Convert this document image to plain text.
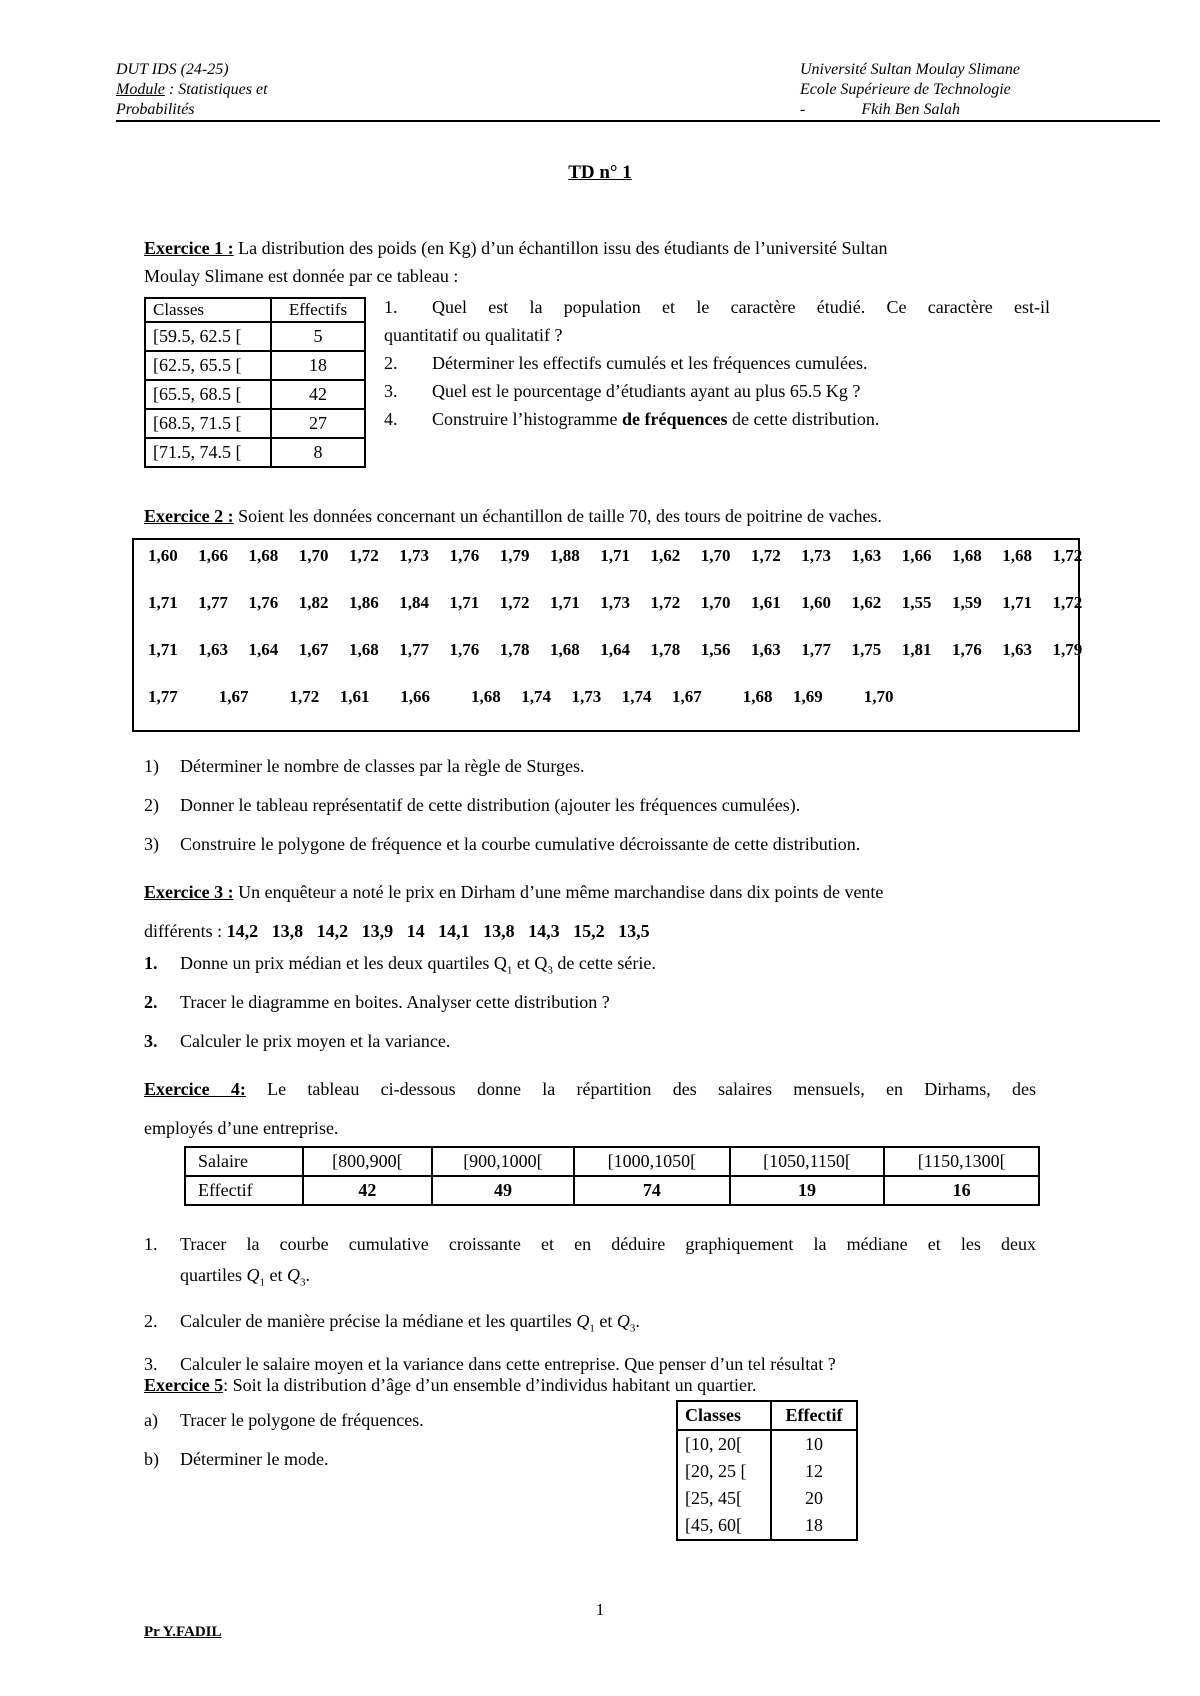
DUT IDS (24-25)
Module : Statistiques et
Probabilités
Université Sultan Moulay Slimane
Ecole Supérieure de Technologie
-              Fkih Ben Salah
TD n° 1
Exercice 1 : La distribution des poids (en Kg) d’un échantillon issu des étudiants de l’université Sultan
Moulay Slimane est donnée par ce tableau :
Classes	Effectifs
[59.5, 62.5 [	5
[62.5, 65.5 [	18
[65.5, 68.5 [	42
[68.5, 71.5 [	27
[71.5, 74.5 [	8
1.	Quel est la population et le caractère étudié. Ce caractère est-il
quantitatif ou qualitatif ?
2.	Déterminer les effectifs cumulés et les fréquences cumulées.
3.	Quel est le pourcentage d’étudiants ayant au plus 65.5 Kg ?
4.	Construire l’histogramme de fréquences de cette distribution.
Exercice 2 : Soient les données concernant un échantillon de taille 70, des tours de poitrine de vaches.
1,60  1,66  1,68  1,70  1,72  1,73  1,76  1,79  1,88  1,71  1,62  1,70  1,72  1,73  1,63  1,66  1,68  1,68  1,72
1,71  1,77  1,76  1,82  1,86  1,84  1,71  1,72  1,71  1,73  1,72  1,70  1,61  1,60  1,62  1,55  1,59  1,71  1,72
1,71  1,63  1,64  1,67  1,68  1,77  1,76  1,78  1,68  1,64  1,78  1,56  1,63  1,77  1,75  1,81  1,76  1,63  1,79
1,77    1,67    1,72  1,61   1,66    1,68  1,74  1,73  1,74  1,67    1,68  1,69    1,70
1)	Déterminer le nombre de classes par la règle de Sturges.
2)	Donner le tableau représentatif de cette distribution (ajouter les fréquences cumulées).
3)	Construire le polygone de fréquence et la courbe cumulative décroissante de cette distribution.
Exercice 3 : Un enquêteur a noté le prix en Dirham d’une même marchandise dans dix points de vente
différents : 14,2   13,8   14,2   13,9   14   14,1   13,8   14,3   15,2   13,5
1.	Donne un prix médian et les deux quartiles $Q_1$ et $Q_3$ de cette série.
2.	Tracer le diagramme en boites. Analyser cette distribution ?
3.	Calculer le prix moyen et la variance.
Exercice 4: Le tableau ci-dessous donne la répartition des salaires mensuels, en Dirhams, des
employés d’une entreprise.
Salaire	[800,900[	[900,1000[	[1000,1050[	[1050,1150[	[1150,1300[
Effectif	42	49	74	19	16
1.	Tracer la courbe cumulative croissante et en déduire graphiquement la médiane et les deux
quartiles $Q_1$ et $Q_3$.
2.	Calculer de manière précise la médiane et les quartiles $Q_1$ et $Q_3$.
3.	Calculer le salaire moyen et la variance dans cette entreprise. Que penser d’un tel résultat ?
Exercice 5: Soit la distribution d’âge d’un ensemble d’individus habitant un quartier.
a)	Tracer le polygone de fréquences.
b)	Déterminer le mode.
Classes	Effectif
[10, 20[	10
[20, 25 [	12
[25, 45[	20
[45, 60[	18
1
Pr Y.FADIL
